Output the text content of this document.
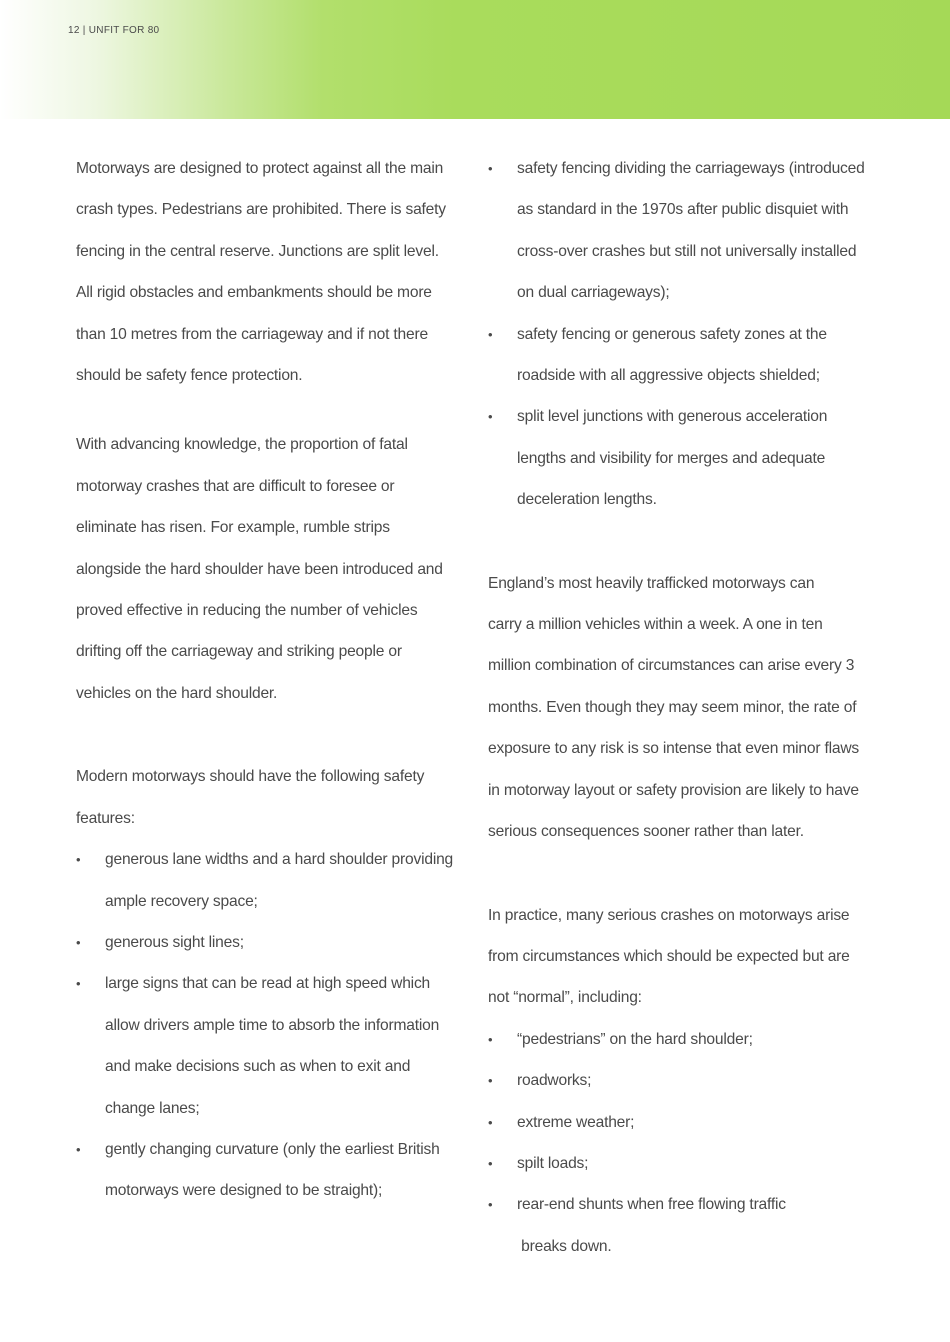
12 | UNFIT FOR 80

Motorways are designed to protect against all the main
crash types. Pedestrians are prohibited. There is safety
fencing in the central reserve. Junctions are split level.
All rigid obstacles and embankments should be more
than 10 metres from the carriageway and if not there
should be safety fence protection.

With advancing knowledge, the proportion of fatal
motorway crashes that are difficult to foresee or
eliminate has risen. For example, rumble strips
alongside the hard shoulder have been introduced and
proved effective in reducing the number of vehicles
drifting off the carriageway and striking people or
vehicles on the hard shoulder.

Modern motorways should have the following safety
features:

• generous lane widths and a hard shoulder providing
ample recovery space;
• generous sight lines;
• large signs that can be read at high speed which
allow drivers ample time to absorb the information
and make decisions such as when to exit and
change lanes;
• gently changing curvature (only the earliest British
motorways were designed to be straight);
• safety fencing dividing the carriageways (introduced
as standard in the 1970s after public disquiet with
cross-over crashes but still not universally installed
on dual carriageways);
• safety fencing or generous safety zones at the
roadside with all aggressive objects shielded;
• split level junctions with generous acceleration
lengths and visibility for merges and adequate
deceleration lengths.

England’s most heavily trafficked motorways can
carry a million vehicles within a week. A one in ten
million combination of circumstances can arise every 3
months. Even though they may seem minor, the rate of
exposure to any risk is so intense that even minor flaws
in motorway layout or safety provision are likely to have
serious consequences sooner rather than later.

In practice, many serious crashes on motorways arise
from circumstances which should be expected but are
not “normal”, including:

• “pedestrians” on the hard shoulder;
• roadworks;
• extreme weather;
• spilt loads;
• rear-end shunts when free flowing traffic
breaks down.
